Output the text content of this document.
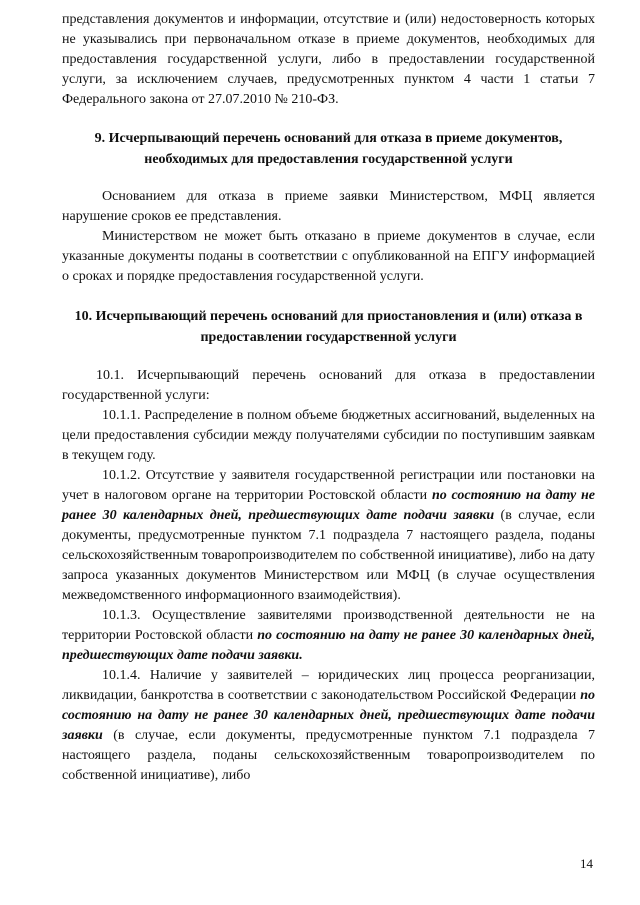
представления документов и информации, отсутствие и (или) недостоверность которых не указывались при первоначальном отказе в приеме документов, необходимых для предоставления государственной услуги, либо в предоставлении государственной услуги, за исключением случаев, предусмотренных пунктом 4 части 1 статьи 7 Федерального закона от 27.07.2010 № 210-ФЗ.

9. Исчерпывающий перечень оснований для отказа в приеме документов, необходимых для предоставления государственной услуги

Основанием для отказа в приеме заявки Министерством, МФЦ является нарушение сроков ее представления.

Министерством не может быть отказано в приеме документов в случае, если указанные документы поданы в соответствии с опубликованной на ЕПГУ информацией о сроках и порядке предоставления государственной услуги.

10. Исчерпывающий перечень оснований для приостановления и (или) отказа в предоставлении государственной услуги

10.1. Исчерпывающий перечень оснований для отказа в предоставлении государственной услуги:

10.1.1. Распределение в полном объеме бюджетных ассигнований, выделенных на цели предоставления субсидии между получателями субсидии по поступившим заявкам в текущем году.

10.1.2. Отсутствие у заявителя государственной регистрации или постановки на учет в налоговом органе на территории Ростовской области по состоянию на дату не ранее 30 календарных дней, предшествующих дате подачи заявки (в случае, если документы, предусмотренные пунктом 7.1 подраздела 7 настоящего раздела, поданы сельскохозяйственным товаропроизводителем по собственной инициативе), либо на дату запроса указанных документов Министерством или МФЦ (в случае осуществления межведомственного информационного взаимодействия).

10.1.3. Осуществление заявителями производственной деятельности не на территории Ростовской области по состоянию на дату не ранее 30 календарных дней, предшествующих дате подачи заявки.

10.1.4. Наличие у заявителей – юридических лиц процесса реорганизации, ликвидации, банкротства в соответствии с законодательством Российской Федерации по состоянию на дату не ранее 30 календарных дней, предшествующих дате подачи заявки (в случае, если документы, предусмотренные пунктом 7.1 подраздела 7 настоящего раздела, поданы сельскохозяйственным товаропроизводителем по собственной инициативе), либо

14
